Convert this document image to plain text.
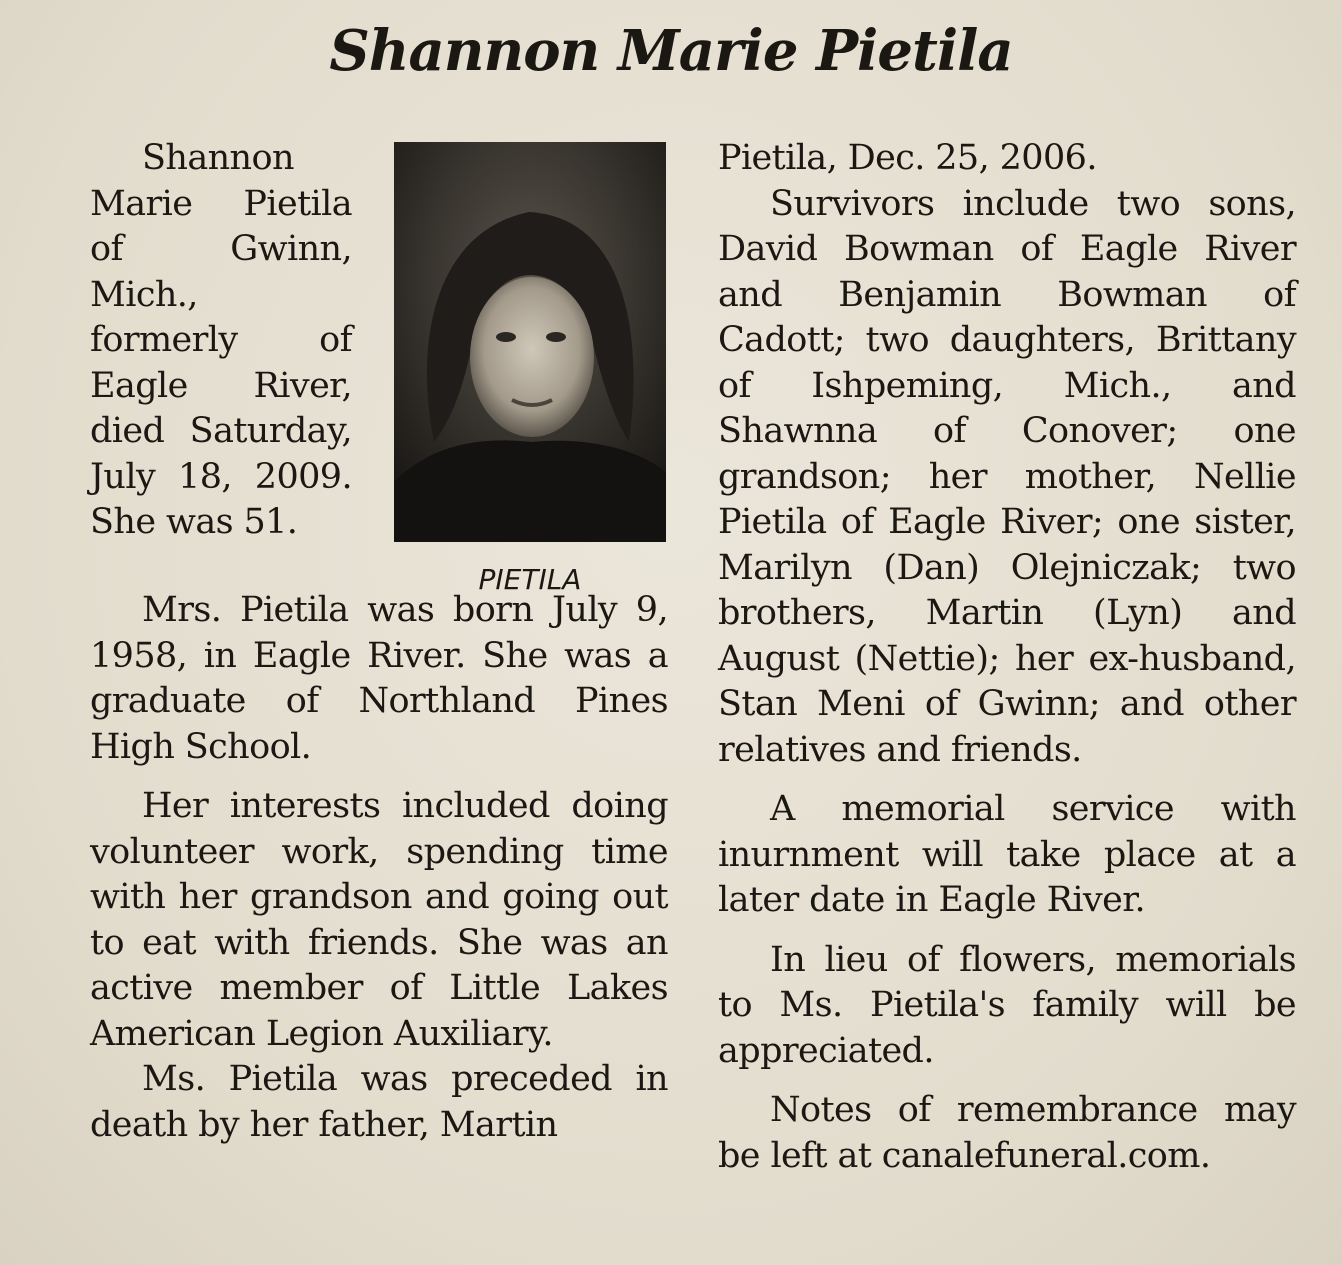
Shannon Marie Pietila

Shannon Marie Pietila of Gwinn, Mich., formerly of Eagle River, died Saturday, July 18, 2009. She was 51.

PIETILA

Mrs. Pietila was born July 9, 1958, in Eagle River. She was a graduate of Northland Pines High School.

Her interests included doing volunteer work, spending time with her grandson and going out to eat with friends. She was an active member of Little Lakes American Legion Auxiliary.

Ms. Pietila was preceded in death by her father, Martin

Pietila, Dec. 25, 2006.

Survivors include two sons, David Bowman of Eagle River and Benjamin Bowman of Cadott; two daughters, Brittany of Ishpeming, Mich., and Shawnna of Conover; one grandson; her mother, Nellie Pietila of Eagle River; one sister, Marilyn (Dan) Olejniczak; two brothers, Martin (Lyn) and August (Nettie); her ex-husband, Stan Meni of Gwinn; and other relatives and friends.

A memorial service with inurnment will take place at a later date in Eagle River.

In lieu of flowers, memorials to Ms. Pietila's family will be appreciated.

Notes of remembrance may be left at canalefuneral.com.
